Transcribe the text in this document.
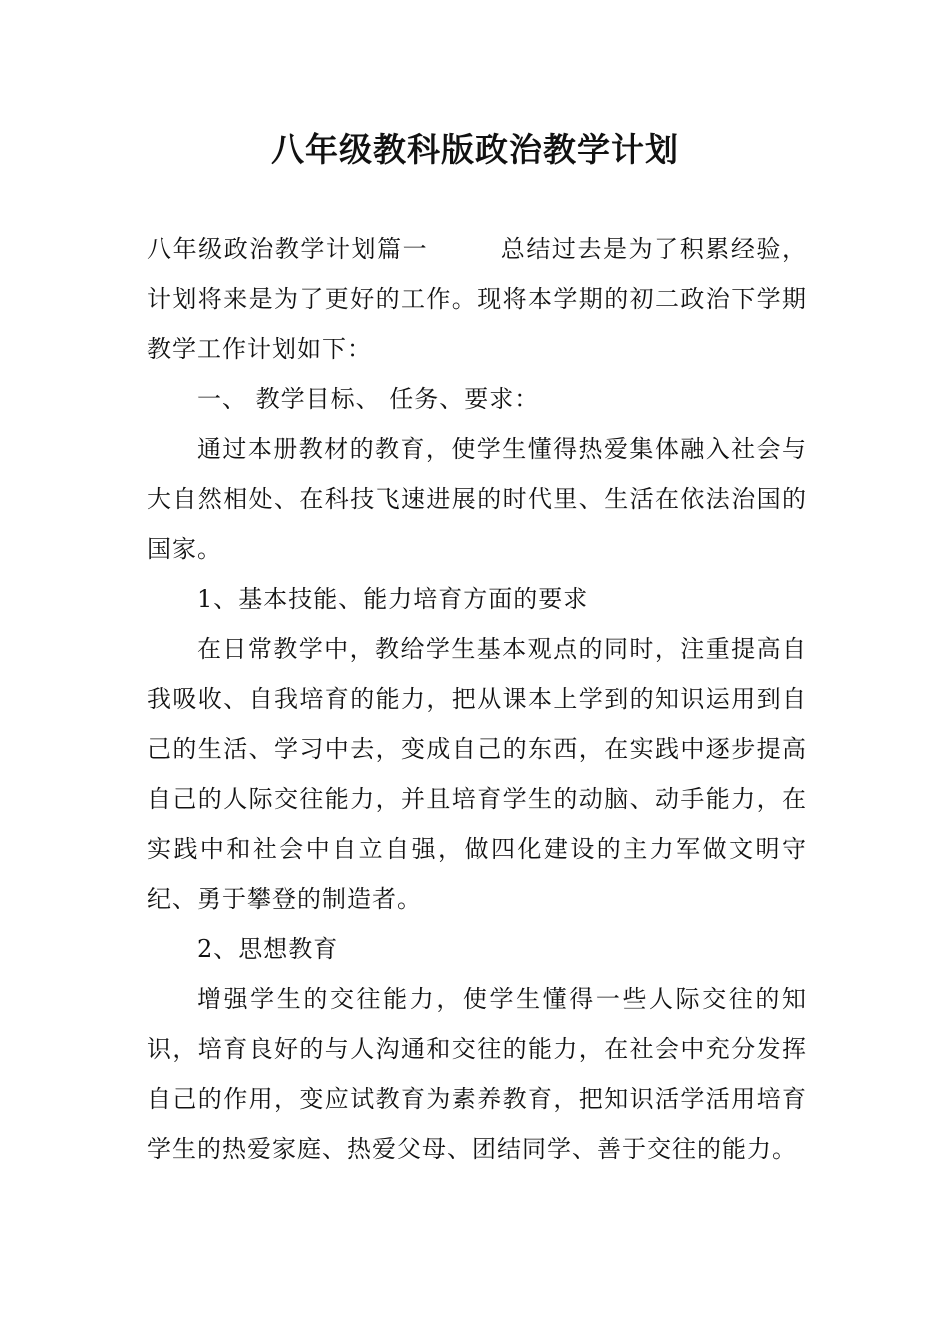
八年级教科版政治教学计划

八年级政治教学计划篇一	总结过去是为了积累经验，计划将来是为了更好的工作。现将本学期的初二政治下学期教学工作计划如下：

一、 教学目标、 任务、要求：

通过本册教材的教育，使学生懂得热爱集体融入社会与大自然相处、在科技飞速进展的时代里、生活在依法治国的国家。

1、基本技能、能力培育方面的要求

在日常教学中，教给学生基本观点的同时，注重提高自我吸收、自我培育的能力，把从课本上学到的知识运用到自己的生活、学习中去，变成自己的东西，在实践中逐步提高自己的人际交往能力，并且培育学生的动脑、动手能力，在实践中和社会中自立自强，做四化建设的主力军做文明守纪、勇于攀登的制造者。

2、思想教育

增强学生的交往能力，使学生懂得一些人际交往的知识，培育良好的与人沟通和交往的能力，在社会中充分发挥自己的作用，变应试教育为素养教育，把知识活学活用培育学生的热爱家庭、热爱父母、团结同学、善于交往的能力。
